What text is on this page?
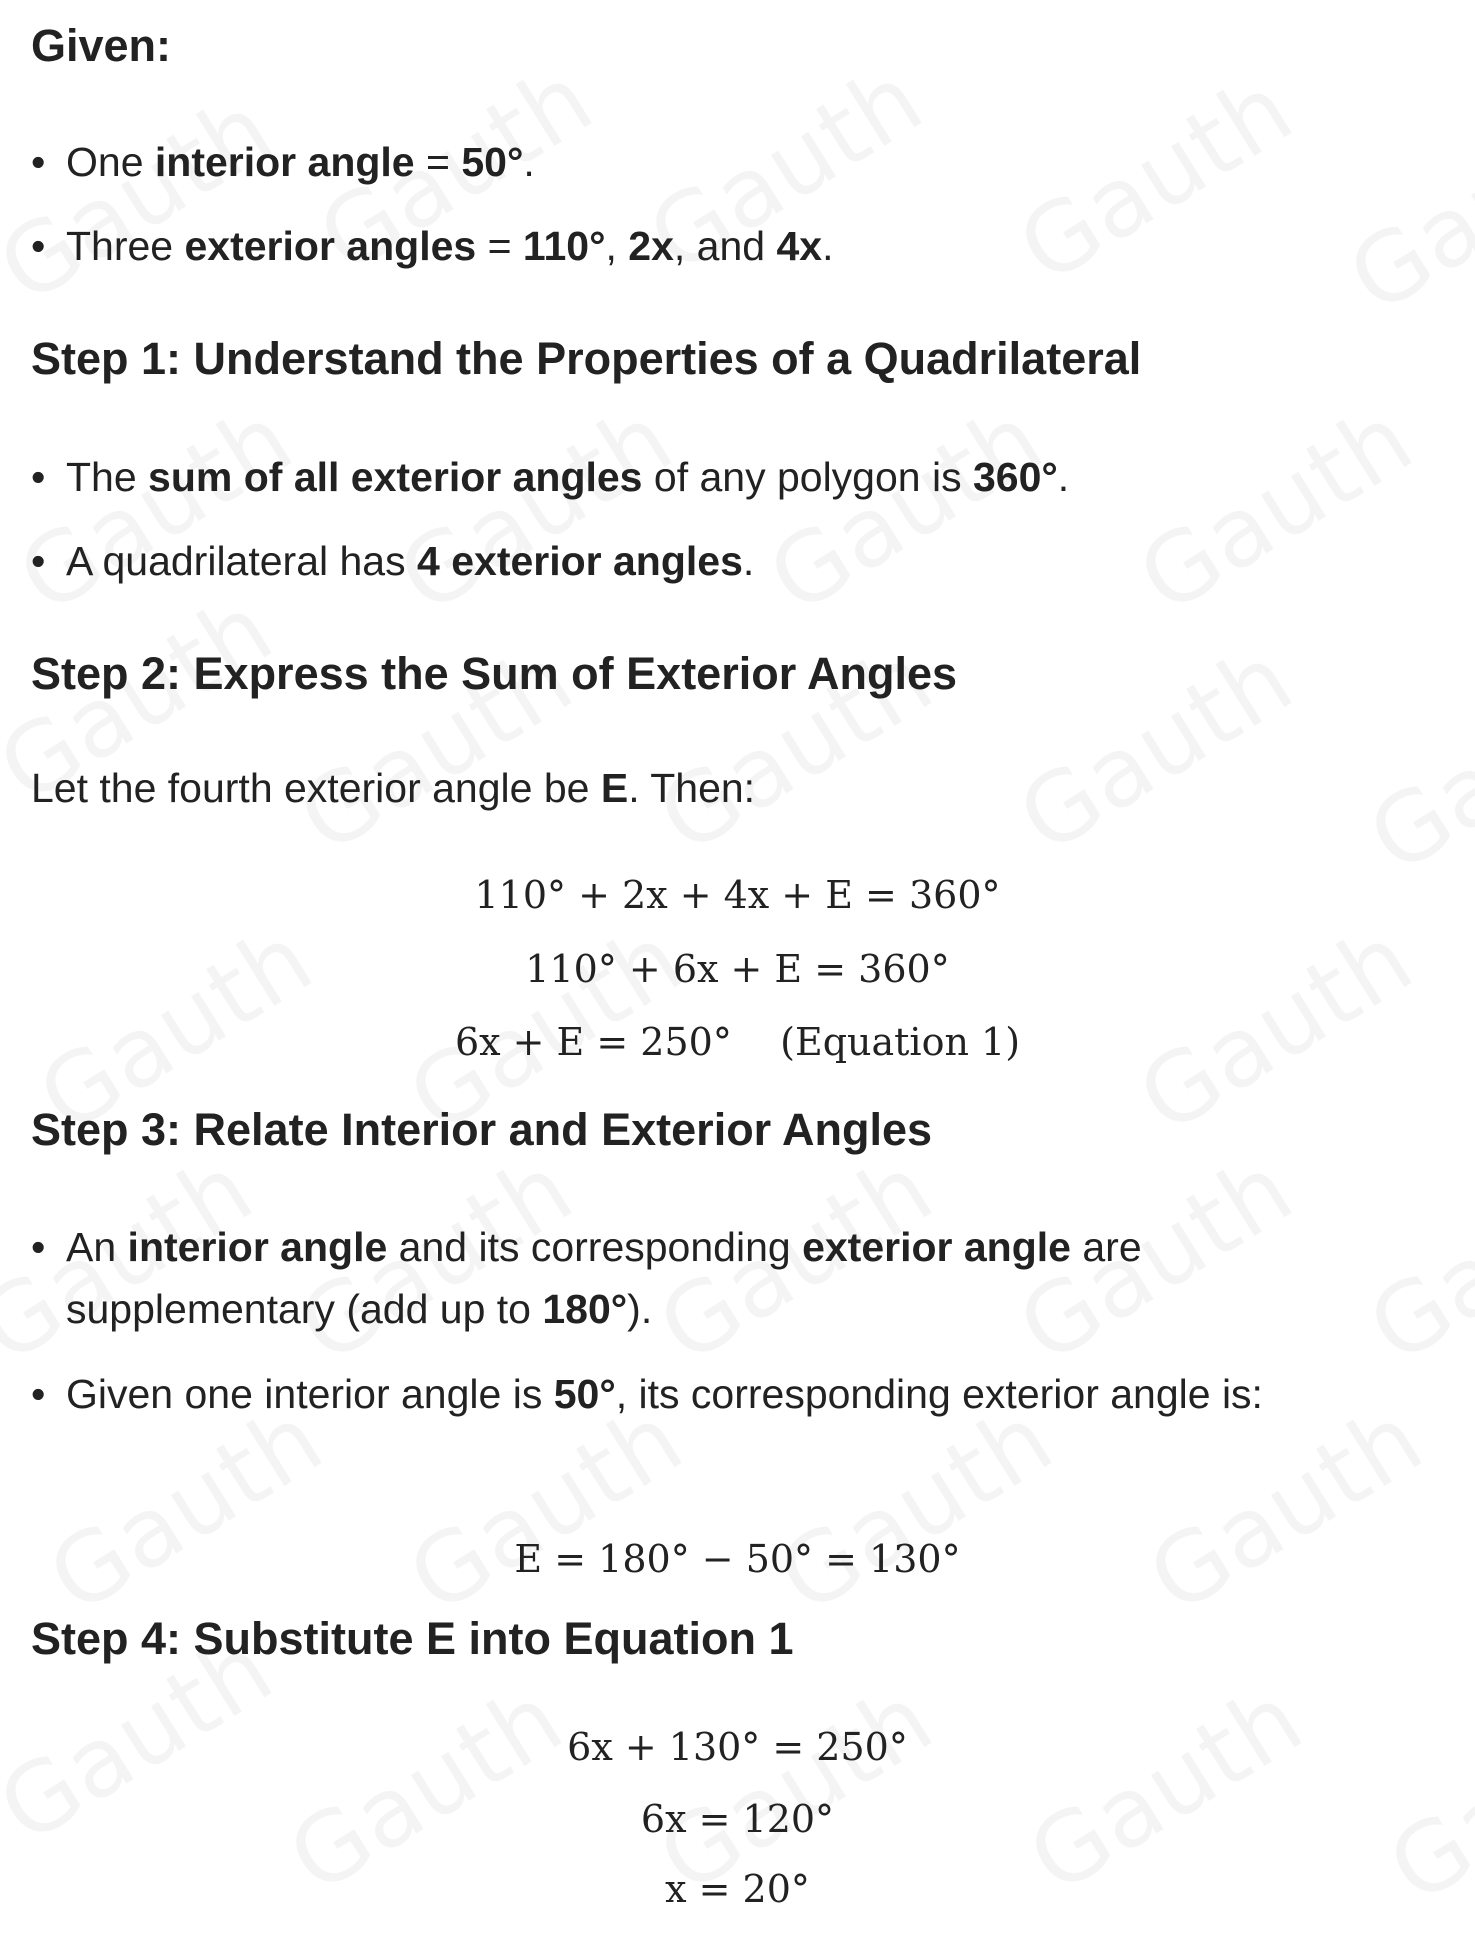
Given:
• One interior angle = 50°.
• Three exterior angles = 110°, 2x, and 4x.
Step 1: Understand the Properties of a Quadrilateral
• The sum of all exterior angles of any polygon is 360°.
• A quadrilateral has 4 exterior angles.
Step 2: Express the Sum of Exterior Angles
Let the fourth exterior angle be E. Then:
110° + 2x + 4x + E = 360°
110° + 6x + E = 360°
6x + E = 250°    (Equation 1)
Step 3: Relate Interior and Exterior Angles
• An interior angle and its corresponding exterior angle are supplementary (add up to 180°).
• Given one interior angle is 50°, its corresponding exterior angle is:
E = 180° − 50° = 130°
Step 4: Substitute E into Equation 1
6x + 130° = 250°
6x = 120°
x = 20°
